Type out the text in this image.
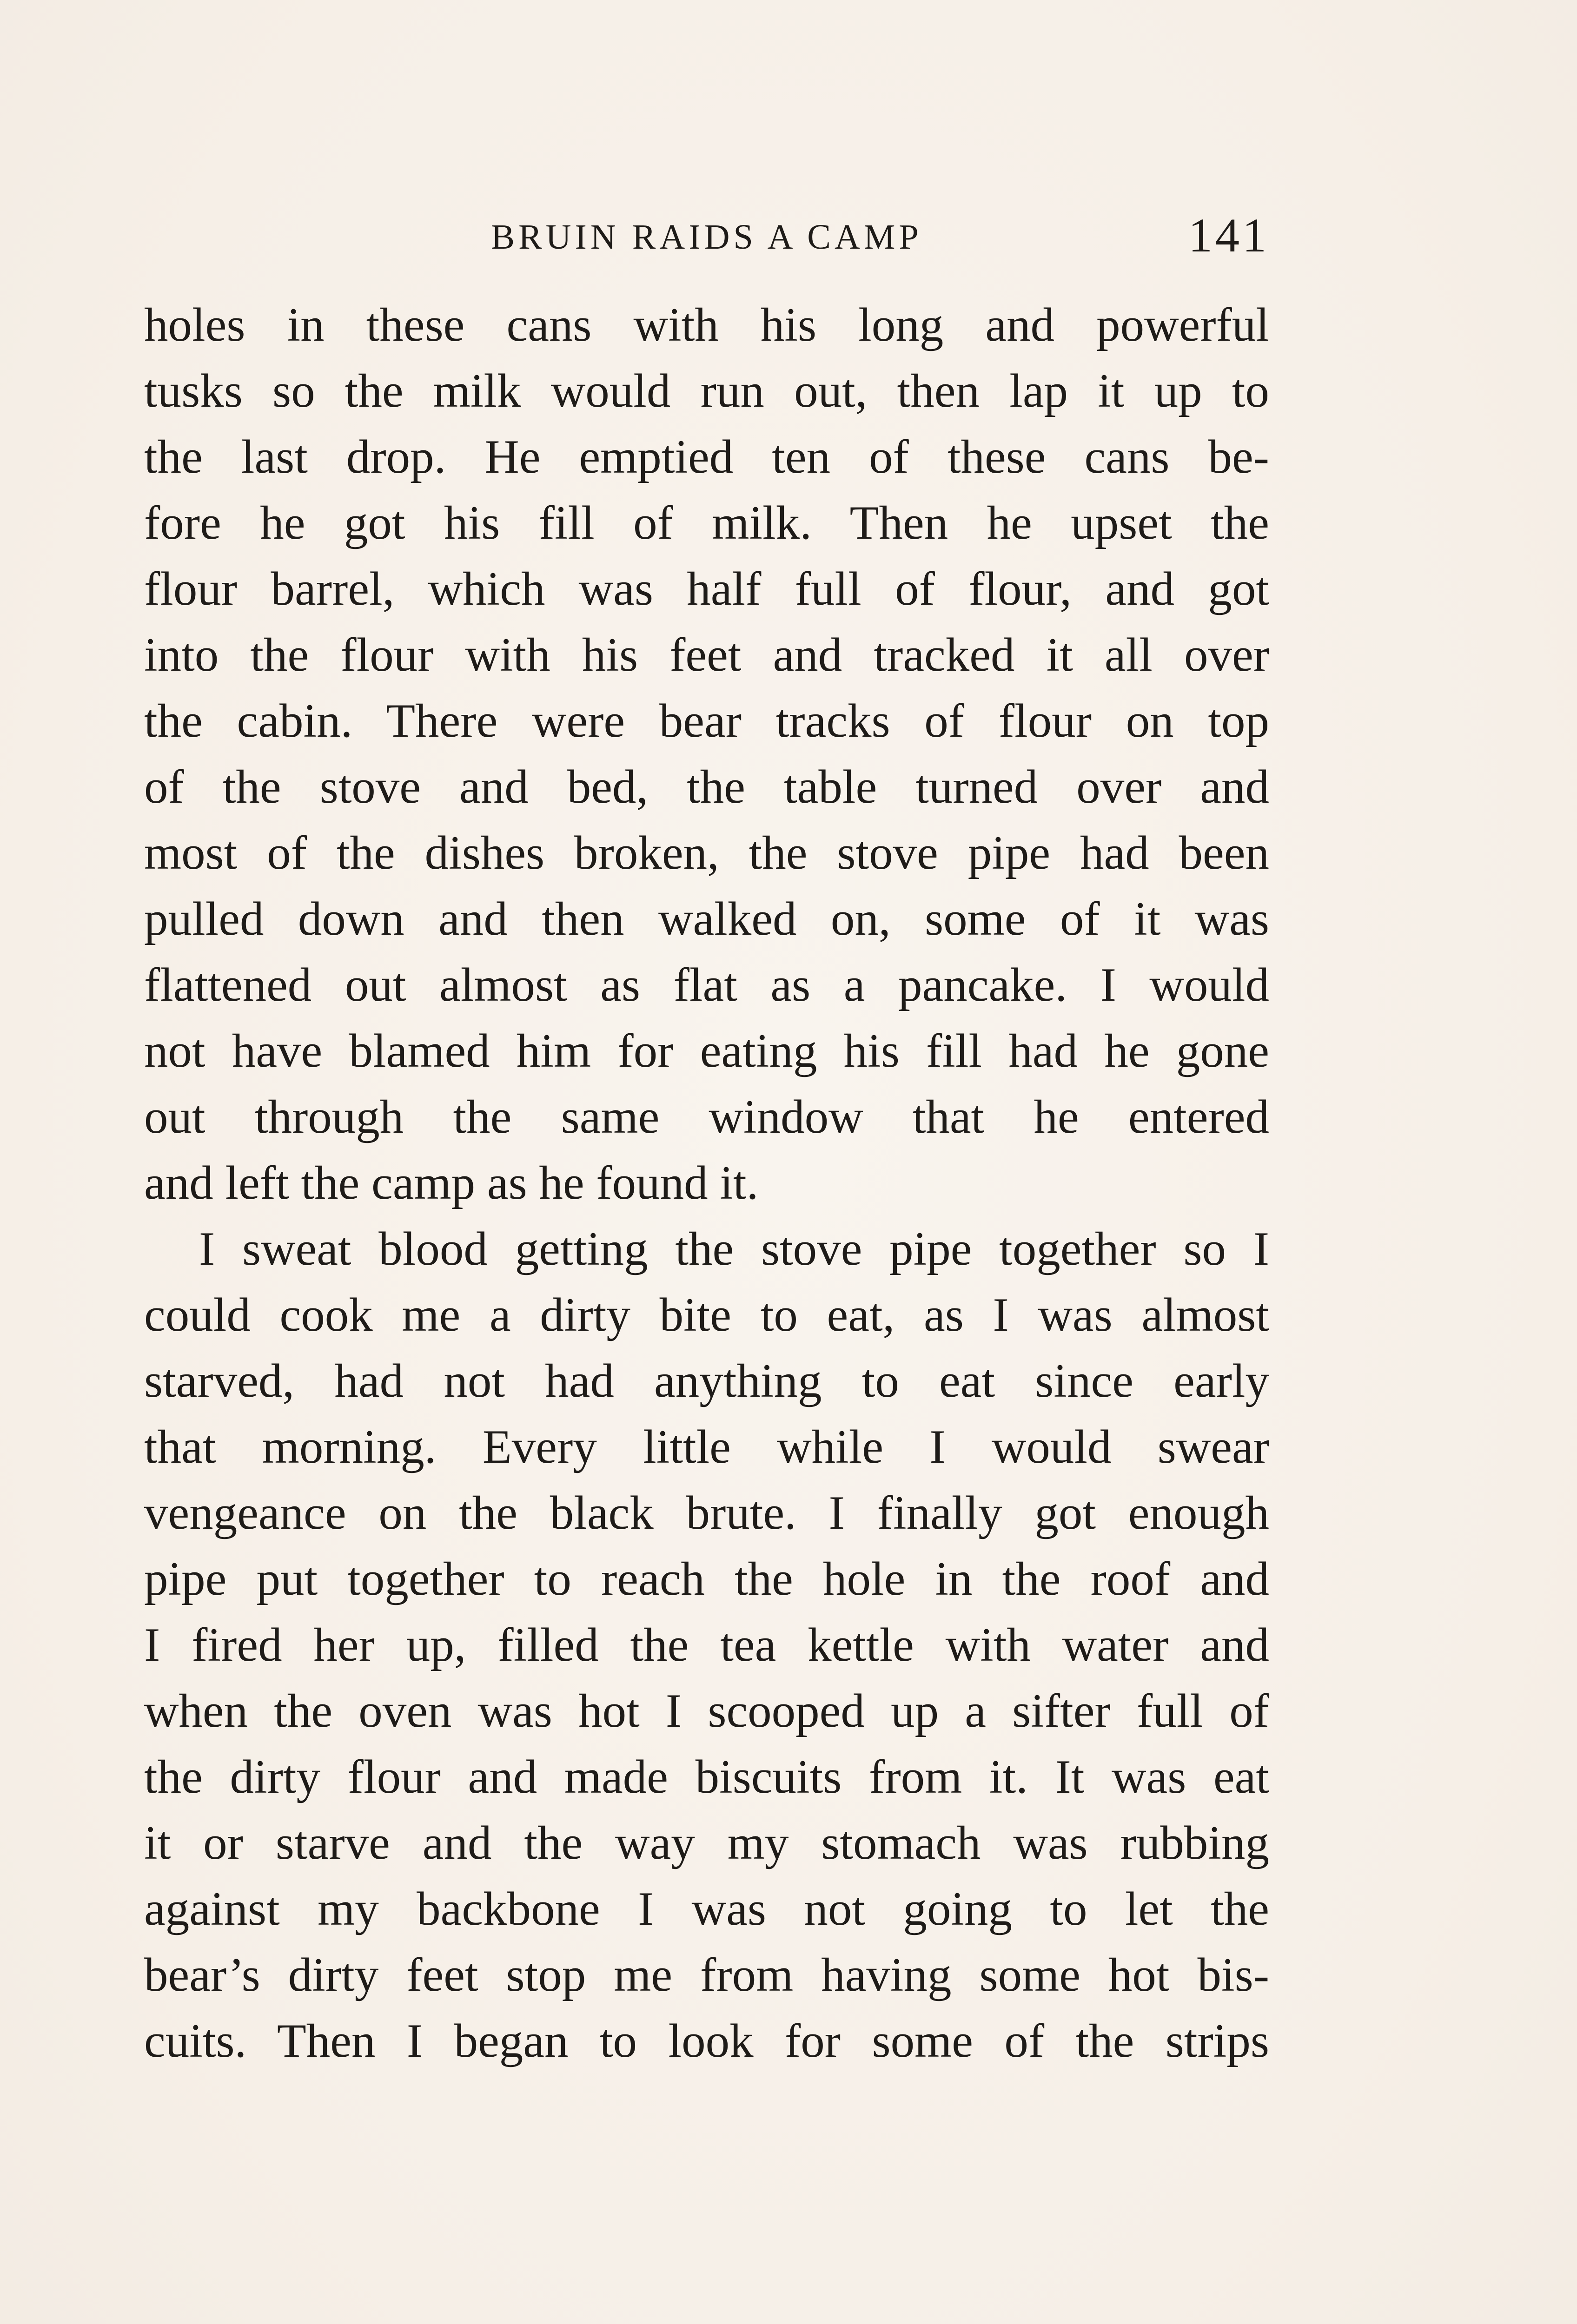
BRUIN RAIDS A CAMP	141
holes in these cans with his long and powerful
tusks so the milk would run out, then lap it up to
the last drop. He emptied ten of these cans be-
fore he got his fill of milk. Then he upset the
flour barrel, which was half full of flour, and got
into the flour with his feet and tracked it all over
the cabin. There were bear tracks of flour on top
of the stove and bed, the table turned over and
most of the dishes broken, the stove pipe had been
pulled down and then walked on, some of it was
flattened out almost as flat as a pancake. I would
not have blamed him for eating his fill had he gone
out through the same window that he entered
and left the camp as he found it.
I sweat blood getting the stove pipe together so I
could cook me a dirty bite to eat, as I was almost
starved, had not had anything to eat since early
that morning. Every little while I would swear
vengeance on the black brute. I finally got enough
pipe put together to reach the hole in the roof and
I fired her up, filled the tea kettle with water and
when the oven was hot I scooped up a sifter full of
the dirty flour and made biscuits from it. It was eat
it or starve and the way my stomach was rubbing
against my backbone I was not going to let the
bear’s dirty feet stop me from having some hot bis-
cuits. Then I began to look for some of the strips
